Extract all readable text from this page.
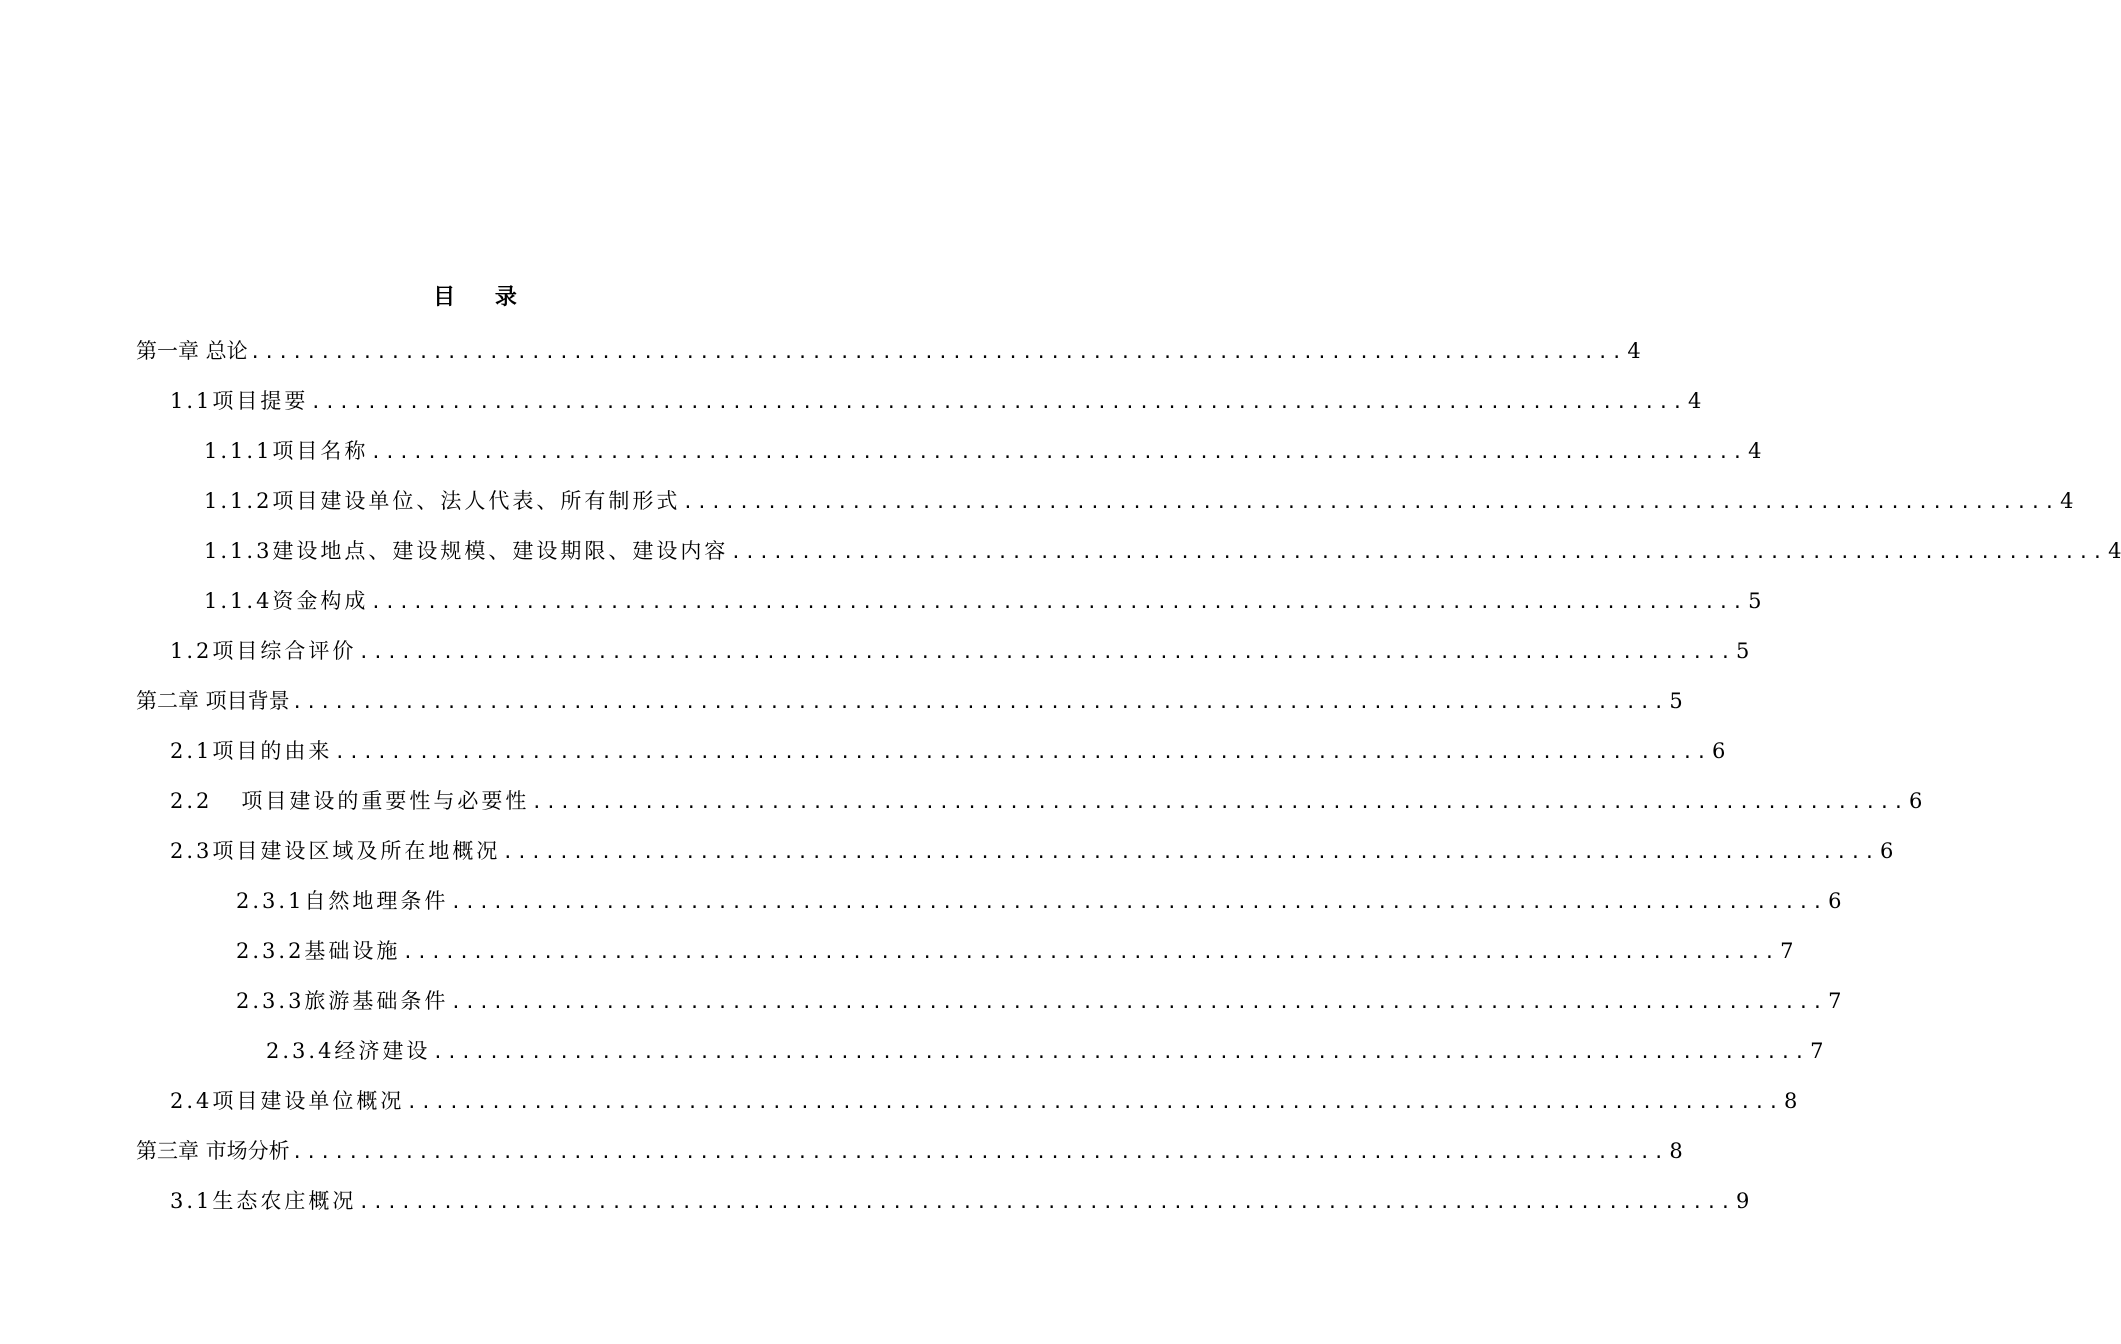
目 录
第一章 总论 .................................................................................................. 4
1.1项目提要 .................................................................................................. 4
1.1.1项目名称 .................................................................................................. 4
1.1.2项目建设单位、法人代表、所有制形式 .................................................................................................. 4
1.1.3建设地点、建设规模、建设期限、建设内容 .................................................................................................. 4
1.1.4资金构成 .................................................................................................. 5
1.2项目综合评价 .................................................................................................. 5
第二章 项目背景 .................................................................................................. 5
2.1项目的由来 .................................................................................................. 6
2.2   项目建设的重要性与必要性 .................................................................................................. 6
2.3项目建设区域及所在地概况 .................................................................................................. 6
2.3.1自然地理条件 .................................................................................................. 6
2.3.2基础设施 .................................................................................................. 7
2.3.3旅游基础条件 .................................................................................................. 7
2.3.4经济建设 .................................................................................................. 7
2.4项目建设单位概况 .................................................................................................. 8
第三章 市场分析 .................................................................................................. 8
3.1生态农庄概况 .................................................................................................. 9
